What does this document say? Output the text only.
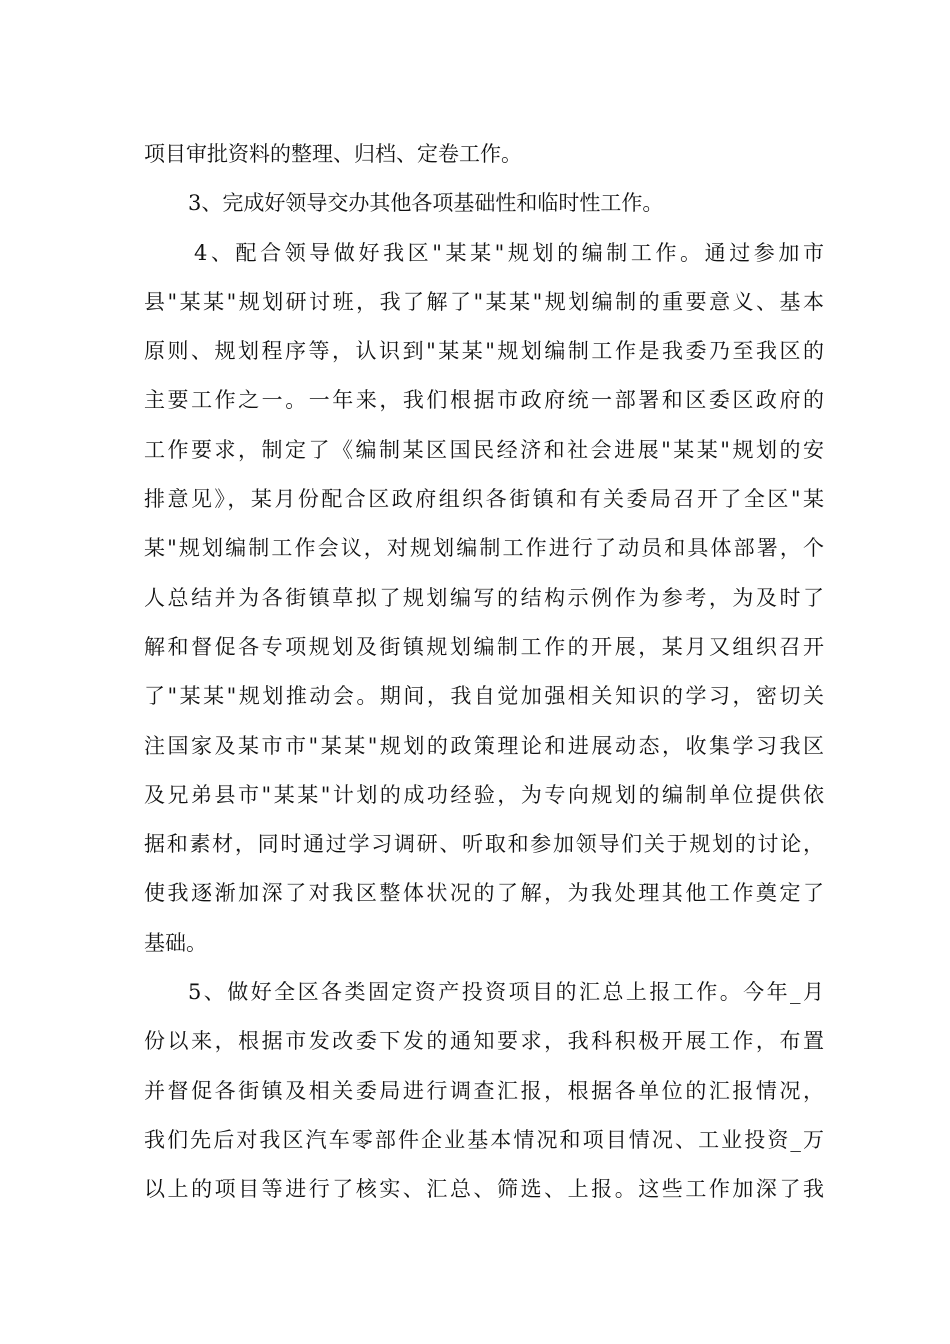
项目审批资料的整理、归档、定卷工作。
3、完成好领导交办其他各项基础性和临时性工作。
4、配合领导做好我区"某某"规划的编制工作。通过参加市
县"某某"规划研讨班，我了解了"某某"规划编制的重要意义、基本
原则、规划程序等，认识到"某某"规划编制工作是我委乃至我区的
主要工作之一。一年来，我们根据市政府统一部署和区委区政府的
工作要求，制定了《编制某区国民经济和社会进展"某某"规划的安
排意见》，某月份配合区政府组织各街镇和有关委局召开了全区"某
某"规划编制工作会议，对规划编制工作进行了动员和具体部署，个
人总结并为各街镇草拟了规划编写的结构示例作为参考，为及时了
解和督促各专项规划及街镇规划编制工作的开展，某月又组织召开
了"某某"规划推动会。期间，我自觉加强相关知识的学习，密切关
注国家及某市市"某某"规划的政策理论和进展动态，收集学习我区
及兄弟县市"某某"计划的成功经验，为专向规划的编制单位提供依
据和素材，同时通过学习调研、听取和参加领导们关于规划的讨论，
使我逐渐加深了对我区整体状况的了解，为我处理其他工作奠定了
基础。
5、做好全区各类固定资产投资项目的汇总上报工作。今年_月
份以来，根据市发改委下发的通知要求，我科积极开展工作，布置
并督促各街镇及相关委局进行调查汇报，根据各单位的汇报情况，
我们先后对我区汽车零部件企业基本情况和项目情况、工业投资_万
以上的项目等进行了核实、汇总、筛选、上报。这些工作加深了我
